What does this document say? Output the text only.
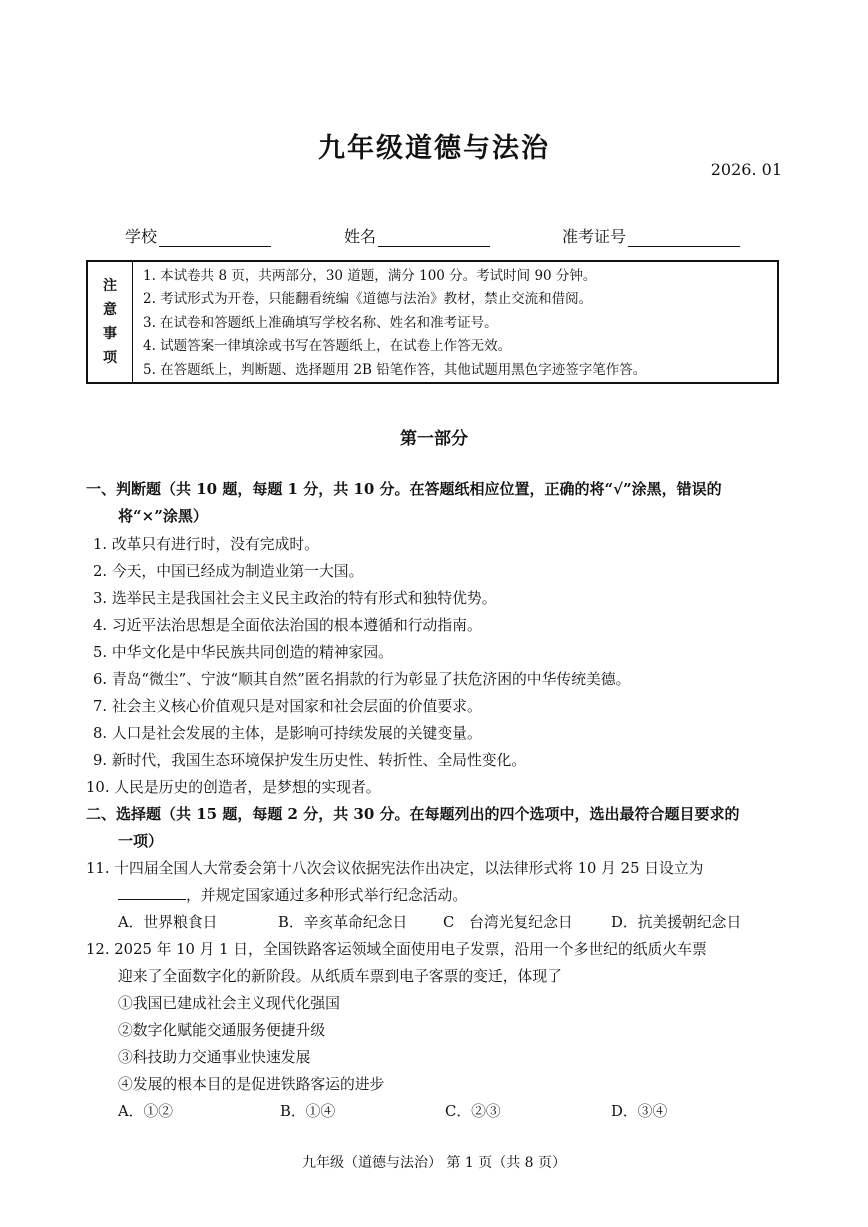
九年级道德与法治
2026. 01
学校	姓名	准考证号
注
意
事
项
1. 本试卷共 8 页，共两部分，30 道题，满分 100 分。考试时间 90 分钟。
2. 考试形式为开卷，只能翻看统编《道德与法治》教材，禁止交流和借阅。
3. 在试卷和答题纸上准确填写学校名称、姓名和准考证号。
4. 试题答案一律填涂或书写在答题纸上，在试卷上作答无效。
5. 在答题纸上，判断题、选择题用 2B 铅笔作答，其他试题用黑色字迹签字笔作答。
第一部分
一、判断题（共 10 题，每题 1 分，共 10 分。在答题纸相应位置，正确的将“√”涂黑，错误的
将“×”涂黑）
1. 改革只有进行时，没有完成时。
2. 今天，中国已经成为制造业第一大国。
3. 选举民主是我国社会主义民主政治的特有形式和独特优势。
4. 习近平法治思想是全面依法治国的根本遵循和行动指南。
5. 中华文化是中华民族共同创造的精神家园。
6. 青岛“微尘”、宁波“顺其自然”匿名捐款的行为彰显了扶危济困的中华传统美德。
7. 社会主义核心价值观只是对国家和社会层面的价值要求。
8. 人口是社会发展的主体，是影响可持续发展的关键变量。
9. 新时代，我国生态环境保护发生历史性、转折性、全局性变化。
10. 人民是历史的创造者，是梦想的实现者。
二、选择题（共 15 题，每题 2 分，共 30 分。在每题列出的四个选项中，选出最符合题目要求的
一项）
11. 十四届全国人大常委会第十八次会议依据宪法作出决定，以法律形式将 10 月 25 日设立为
，并规定国家通过多种形式举行纪念活动。
A．世界粮食日	B．辛亥革命纪念日 C　台湾光复纪念日	D．抗美援朝纪念日
12. 2025 年 10 月 1 日，全国铁路客运领域全面使用电子发票，沿用一个多世纪的纸质火车票
迎来了全面数字化的新阶段。从纸质车票到电子客票的变迁，体现了
①我国已建成社会主义现代化强国
②数字化赋能交通服务便捷升级
③科技助力交通事业快速发展
④发展的根本目的是促进铁路客运的进步
A．①②	B．①④	C．②③	D．③④
九年级（道德与法治） 第 1 页（共 8 页）
